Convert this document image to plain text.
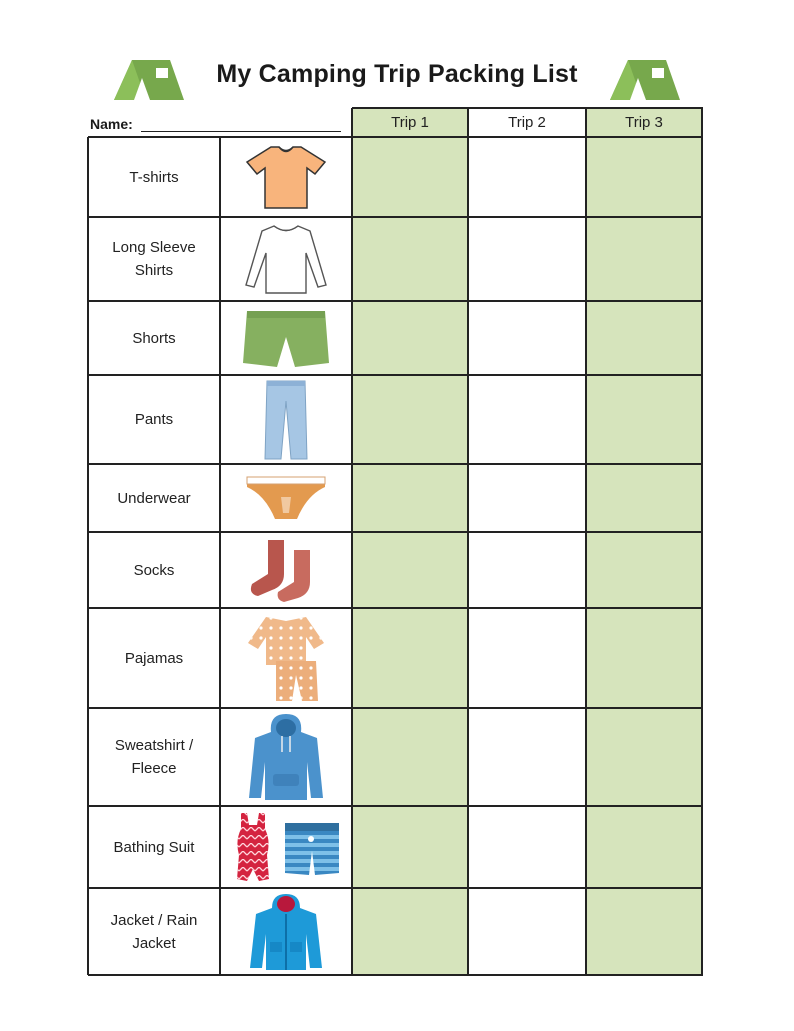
My Camping Trip Packing List
Name:	Trip 1	Trip 2	Trip 3
T-shirts
Long Sleeve Shirts
Shorts
Pants
Underwear
Socks
Pajamas
Sweatshirt / Fleece
Bathing Suit
Jacket / Rain Jacket
